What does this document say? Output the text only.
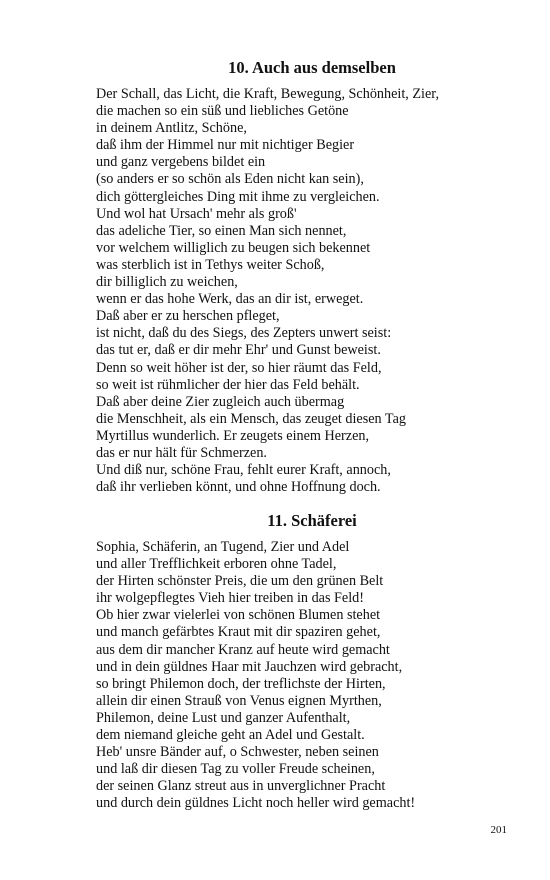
10. Auch aus demselben
Der Schall, das Licht, die Kraft, Bewegung, Schönheit, Zier,
die machen so ein süß und liebliches Getöne
in deinem Antlitz, Schöne,
daß ihm der Himmel nur mit nichtiger Begier
und ganz vergebens bildet ein
(so anders er so schön als Eden nicht kan sein),
dich göttergleiches Ding mit ihme zu vergleichen.
Und wol hat Ursach' mehr als groß'
das adeliche Tier, so einen Man sich nennet,
vor welchem williglich zu beugen sich bekennet
was sterblich ist in Tethys weiter Schoß,
dir billiglich zu weichen,
wenn er das hohe Werk, das an dir ist, erweget.
Daß aber er zu herschen pfleget,
ist nicht, daß du des Siegs, des Zepters unwert seist:
das tut er, daß er dir mehr Ehr' und Gunst beweist.
Denn so weit höher ist der, so hier räumt das Feld,
so weit ist rühmlicher der hier das Feld behält.
Daß aber deine Zier zugleich auch übermag
die Menschheit, als ein Mensch, das zeuget diesen Tag
Myrtillus wunderlich. Er zeugets einem Herzen,
das er nur hält für Schmerzen.
Und diß nur, schöne Frau, fehlt eurer Kraft, annoch,
daß ihr verlieben könnt, und ohne Hoffnung doch.
11. Schäferei
Sophia, Schäferin, an Tugend, Zier und Adel
und aller Trefflichkeit erboren ohne Tadel,
der Hirten schönster Preis, die um den grünen Belt
ihr wolgepflegtes Vieh hier treiben in das Feld!
Ob hier zwar vielerlei von schönen Blumen stehet
und manch gefärbtes Kraut mit dir spaziren gehet,
aus dem dir mancher Kranz auf heute wird gemacht
und in dein güldnes Haar mit Jauchzen wird gebracht,
so bringt Philemon doch, der treflichste der Hirten,
allein dir einen Strauß von Venus eignen Myrthen,
Philemon, deine Lust und ganzer Aufenthalt,
dem niemand gleiche geht an Adel und Gestalt.
Heb' unsre Bänder auf, o Schwester, neben seinen
und laß dir diesen Tag zu voller Freude scheinen,
der seinen Glanz streut aus in unverglichner Pracht
und durch dein güldnes Licht noch heller wird gemacht!
201
